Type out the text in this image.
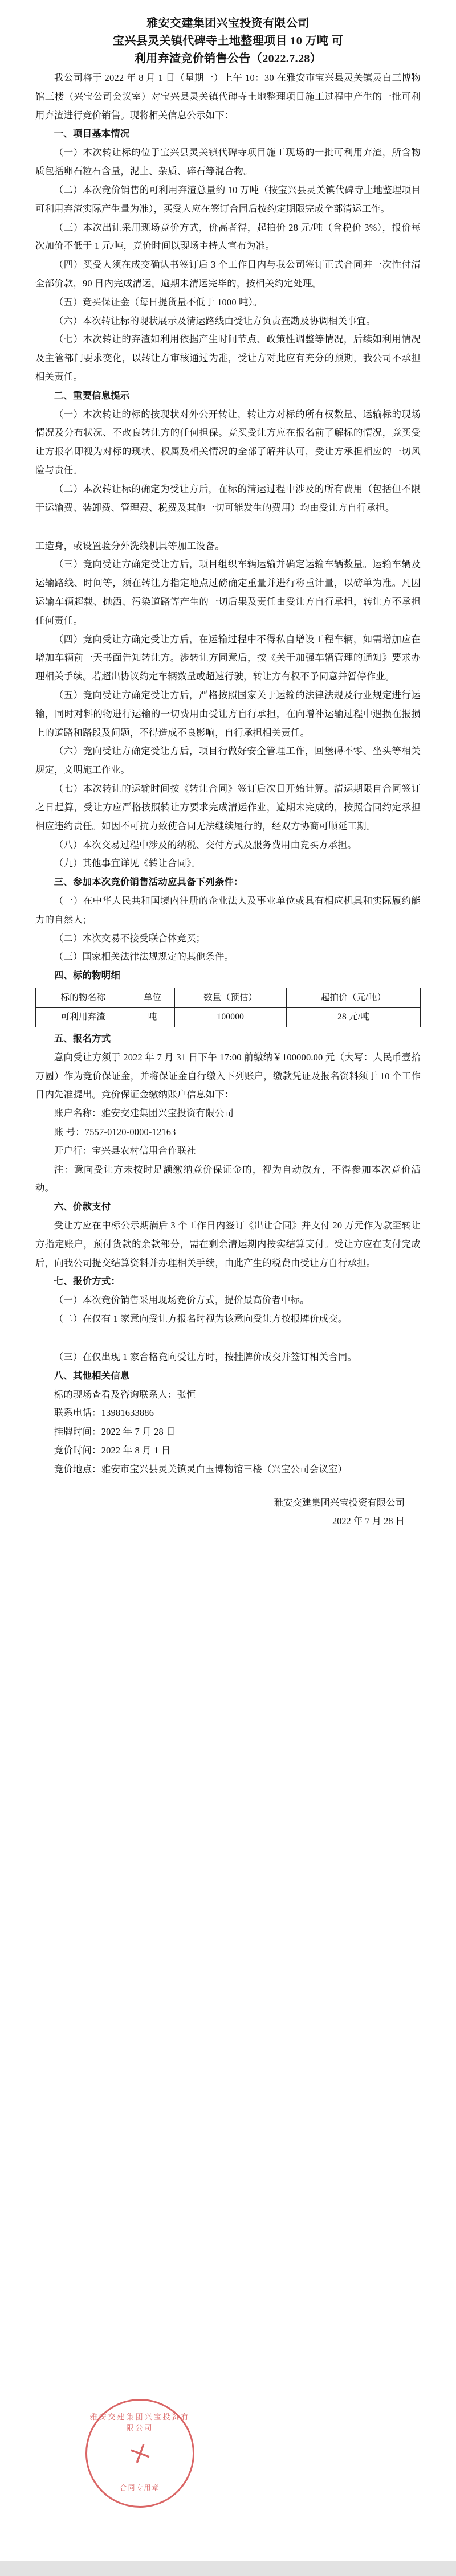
雅安交建集团兴宝投资有限公司
宝兴县灵关镇代碑寺土地整理项目 10 万吨 可
利用弃渣竞价销售公告（2022.7.28）

我公司将于 2022 年 8 月 1 日（星期一）上午 10：30 在雅安市宝兴县灵关镇灵白三博物馆三楼（兴宝公司会议室）对宝兴县灵关镇代碑寺土地整理项目施工过程中产生的一批可利用弃渣进行竞价销售。现将相关信息公示如下：

一、项目基本情况

（一）本次转让标的位于宝兴县灵关镇代碑寺项目施工现场的一批可利用弃渣，所含物质包括卵石粒石含量，泥土、杂质、碎石等混合物。

（二）本次竞价销售的可利用弃渣总量约 10 万吨（按宝兴县灵关镇代碑寺土地整理项目可利用弃渣实际产生量为准），买受人应在签订合同后按约定期限完成全部清运工作。

（三）本次出让采用现场竞价方式，价高者得，起拍价 28 元/吨（含税价 3%），报价每次加价不低于 1 元/吨，竞价时间以现场主持人宣布为准。

（四）买受人须在成交确认书签订后 3 个工作日内与我公司签订正式合同并一次性付清全部价款，90 日内完成清运。逾期未清运完毕的，按相关约定处理。

（五）竞买保证金（每日提货量不低于 1000 吨）。

（六）本次转让标的现状展示及清运路线由受让方负责查勘及协调相关事宜。

（七）本次转让的弃渣如利用依据产生时间节点、政策性调整等情况，后续如利用情况及主管部门要求变化，以转让方审核通过为准，受让方对此应有充分的预期，我公司不承担相关责任。

二、重要信息提示

（一）本次转让的标的按现状对外公开转让，转让方对标的所有权数量、运输标的现场情况及分布状况、不改良转让方的任何担保。竞买受让方应在报名前了解标的情况，竞买受让方报名即视为对标的现状、权属及相关情况的全部了解并认可，受让方承担相应的一切风险与责任。

（二）本次转让标的确定为受让方后，在标的清运过程中涉及的所有费用（包括但不限于运输费、装卸费、管理费、税费及其他一切可能发生的费用）均由受让方自行承担。

工造身，或设置验分外洗线机具等加工设备。

（三）竞向受让方确定受让方后，项目组织车辆运输并确定运输车辆数量。运输车辆及运输路线、时间等，须在转让方指定地点过磅确定重量并进行称重计量，以磅单为准。凡因运输车辆超载、抛洒、污染道路等产生的一切后果及责任由受让方自行承担，转让方不承担任何责任。

（四）竞向受让方确定受让方后，在运输过程中不得私自增设工程车辆，如需增加应在增加车辆前一天书面告知转让方。涉转让方同意后，按《关于加强车辆管理的通知》要求办理相关手续。若超出协议约定车辆数量或超速行驶，转让方有权不予同意并暂停作业。

（五）竞向受让方确定受让方后，严格按照国家关于运输的法律法规及行业规定进行运输，同时对料的物进行运输的一切费用由受让方自行承担，在向增补运输过程中遇损在报损上的道路和路段及问题，不得造成不良影响，自行承担相关责任。

（六）竞向受让方确定受让方后，项目行做好安全管理工作，回堡碍不零、坐头等相关规定，文明施工作业。

（七）本次转让的运输时间按《转让合同》签订后次日开始计算。清运期限自合同签订之日起算，受让方应严格按照转让方要求完成清运作业，逾期未完成的，按照合同约定承担相应违约责任。如因不可抗力致使合同无法继续履行的，经双方协商可顺延工期。

（八）本次交易过程中涉及的纳税、交付方式及服务费用由竞买方承担。

（九）其他事宜详见《转让合同》。

三、参加本次竞价销售活动应具备下列条件：

（一）在中华人民共和国境内注册的企业法人及事业单位或具有相应机具和实际履约能力的自然人；

（二）本次交易不接受联合体竞买；

（三）国家相关法律法规规定的其他条件。

四、标的物明细

标的物名称	单位	数量（预估）	起拍价（元/吨）
可利用弃渣	吨	100000	28 元/吨

五、报名方式

意向受让方须于 2022 年 7 月 31 日下午 17:00 前缴纳￥100000.00 元（大写：人民币壹拾万圆）作为竞价保证金，并将保证金自行缴入下列账户，缴款凭证及报名资料须于 10 个工作日内先准提出。竞价保证金缴纳账户信息如下：

账户名称：雅安交建集团兴宝投资有限公司

账 号：7557-0120-0000-12163

开户行：宝兴县农村信用合作联社

注：意向受让方未按时足额缴纳竞价保证金的，视为自动放弃，不得参加本次竞价活动。

六、价款支付

受让方应在中标公示期满后 3 个工作日内签订《出让合同》并支付 20 万元作为款至转让方指定账户，预付货款的余款部分，需在剩余清运期内按实结算支付。受让方应在支付完成后，向我公司提交结算资料并办理相关手续，由此产生的税费由受让方自行承担。

七、报价方式：

（一）本次竞价销售采用现场竞价方式，提价最高价者中标。

（二）在仅有 1 家意向受让方报名时视为该意向受让方按报牌价成交。

（三）在仅出现 1 家合格竞向受让方时，按挂牌价成交并签订相关合同。

八、其他相关信息

标的现场查看及咨询联系人：张恒

联系电话：13981633886

挂牌时间：2022 年 7 月 28 日

竞价时间：2022 年 8 月 1 日

竞价地点：雅安市宝兴县灵关镇灵白玉博物馆三楼（兴宝公司会议室）

雅安交建集团兴宝投资有限公司
2022 年 7 月 28 日
雅安交建集团兴宝投资有限公司
合同专用章
